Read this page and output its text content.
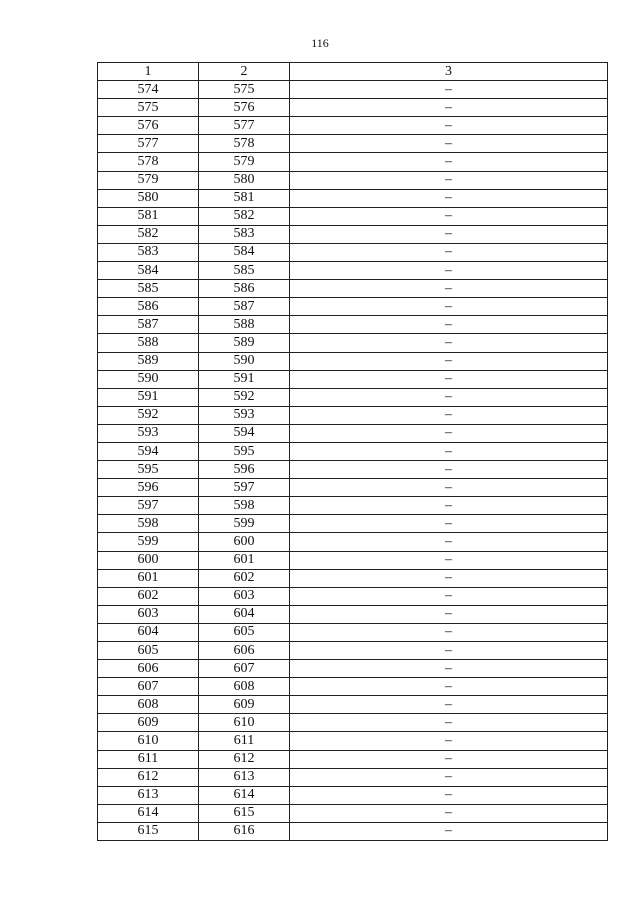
116
1	2	3
574	575	–
575	576	–
576	577	–
577	578	–
578	579	–
579	580	–
580	581	–
581	582	–
582	583	–
583	584	–
584	585	–
585	586	–
586	587	–
587	588	–
588	589	–
589	590	–
590	591	–
591	592	–
592	593	–
593	594	–
594	595	–
595	596	–
596	597	–
597	598	–
598	599	–
599	600	–
600	601	–
601	602	–
602	603	–
603	604	–
604	605	–
605	606	–
606	607	–
607	608	–
608	609	–
609	610	–
610	611	–
611	612	–
612	613	–
613	614	–
614	615	–
615	616	–
